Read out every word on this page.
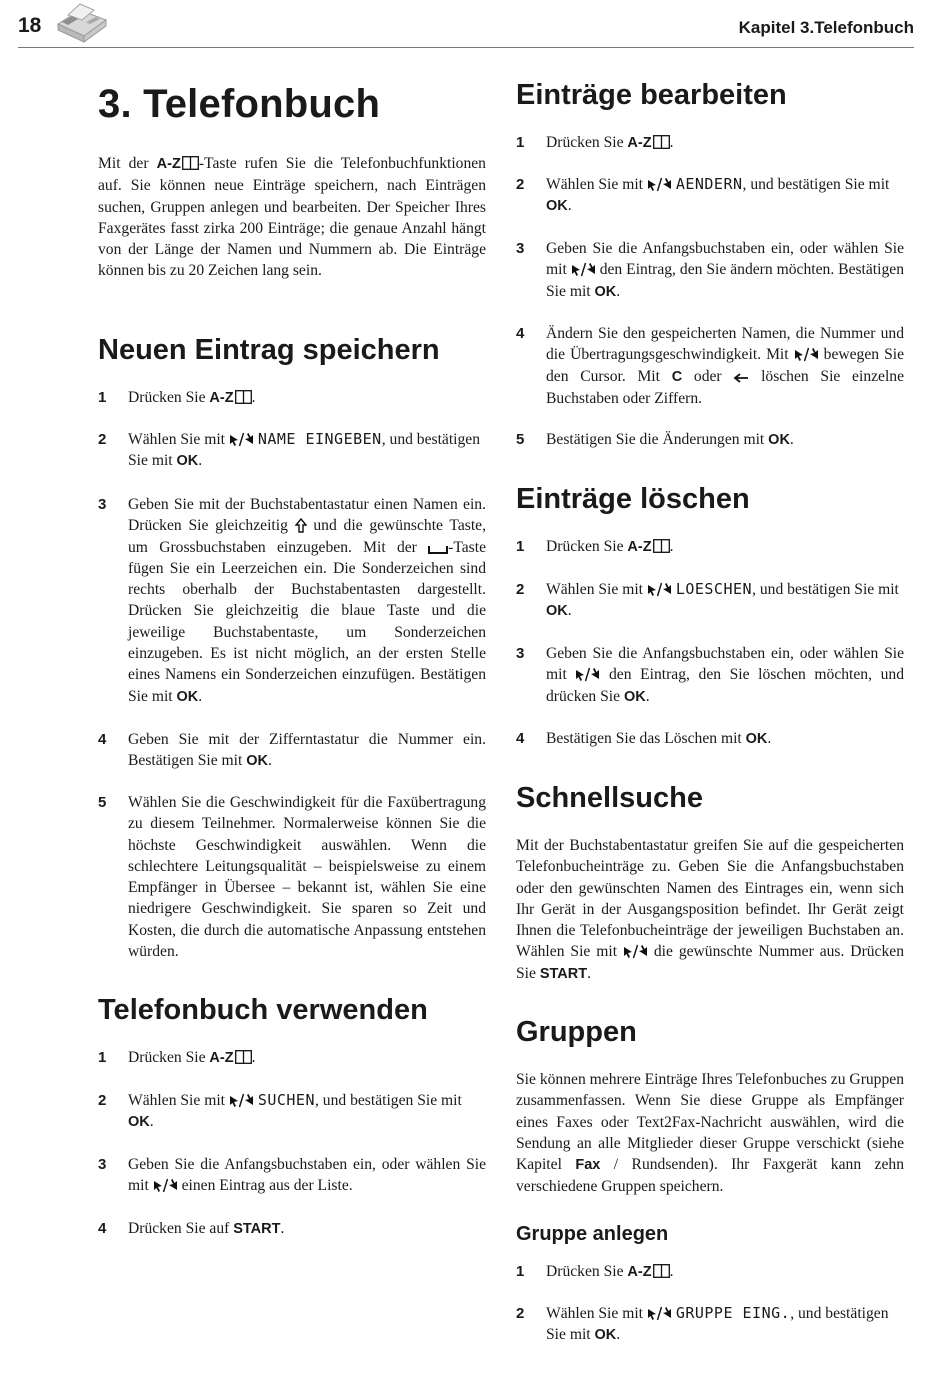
18	Kapitel 3.Telefonbuch
3. Telefonbuch

Mit der A-Z -Taste rufen Sie die Telefonbuchfunktionen auf. Sie können neue Einträge speichern, nach Einträgen suchen, Gruppen anlegen und bearbeiten. Der Speicher Ihres Faxgerätes fasst zirka 200 Einträge; die genaue Anzahl hängt von der Länge der Namen und Nummern ab. Die Einträge können bis zu 20 Zeichen lang sein.

Neuen Eintrag speichern
1 Drücken Sie A-Z .
2 Wählen Sie mit  NAME EINGEBEN, und bestätigen Sie mit OK.
3 Geben Sie mit der Buchstabentastatur einen Namen ein. Drücken Sie gleichzeitig  und die gewünschte Taste, um Grossbuchstaben einzugeben. Mit der -Taste fügen Sie ein Leerzeichen ein. Die Sonderzeichen sind rechts oberhalb der Buchstabentasten dargestellt. Drücken Sie gleichzeitig die blaue Taste und die jeweilige Buchstabentaste, um Sonderzeichen einzugeben. Es ist nicht möglich, an der ersten Stelle eines Namens ein Sonderzeichen einzufügen. Bestätigen Sie mit OK.
4 Geben Sie mit der Zifferntastatur die Nummer ein. Bestätigen Sie mit OK.
5 Wählen Sie die Geschwindigkeit für die Faxübertragung zu diesem Teilnehmer. Normalerweise können Sie die höchste Geschwindigkeit auswählen. Wenn die schlechtere Leitungsqualität – beispielsweise zu einem Empfänger in Übersee – bekannt ist, wählen Sie eine niedrigere Geschwindigkeit. Sie sparen so Zeit und Kosten, die durch die automatische Anpassung entstehen würden.
Telefonbuch verwenden
1 Drücken Sie A-Z .
2 Wählen Sie mit  SUCHEN, und bestätigen Sie mit OK.
3 Geben Sie die Anfangsbuchstaben ein, oder wählen Sie mit  einen Eintrag aus der Liste.
4 Drücken Sie auf START.
Einträge bearbeiten
1 Drücken Sie A-Z .
2 Wählen Sie mit  AENDERN, und bestätigen Sie mit OK.
3 Geben Sie die Anfangsbuchstaben ein, oder wählen Sie mit  den Eintrag, den Sie ändern möchten. Bestätigen Sie mit OK.
4 Ändern Sie den gespeicherten Namen, die Nummer und die Übertragungsgeschwindigkeit. Mit  bewegen Sie den Cursor. Mit C oder  löschen Sie einzelne Buchstaben oder Ziffern.
5 Bestätigen Sie die Änderungen mit OK.
Einträge löschen
1 Drücken Sie A-Z .
2 Wählen Sie mit  LOESCHEN, und bestätigen Sie mit OK.
3 Geben Sie die Anfangsbuchstaben ein, oder wählen Sie mit  den Eintrag, den Sie löschen möchten, und drücken Sie OK.
4 Bestätigen Sie das Löschen mit OK.
Schnellsuche

Mit der Buchstabentastatur greifen Sie auf die gespeicherten Telefonbucheinträge zu. Geben Sie die Anfangsbuchstaben oder den gewünschten Namen des Eintrages ein, wenn sich Ihr Gerät in der Ausgangsposition befindet. Ihr Gerät zeigt Ihnen die Telefonbucheinträge der jeweiligen Buchstaben an. Wählen Sie mit  die gewünschte Nummer aus. Drücken Sie START.

Gruppen

Sie können mehrere Einträge Ihres Telefonbuches zu Gruppen zusammenfassen. Wenn Sie diese Gruppe als Empfänger eines Faxes oder Text2Fax-Nachricht auswählen, wird die Sendung an alle Mitglieder dieser Gruppe verschickt (siehe Kapitel Fax / Rundsenden). Ihr Faxgerät kann zehn verschiedene Gruppen speichern.

Gruppe anlegen
1 Drücken Sie A-Z .
2 Wählen Sie mit  GRUPPE EING., und bestätigen Sie mit OK.
